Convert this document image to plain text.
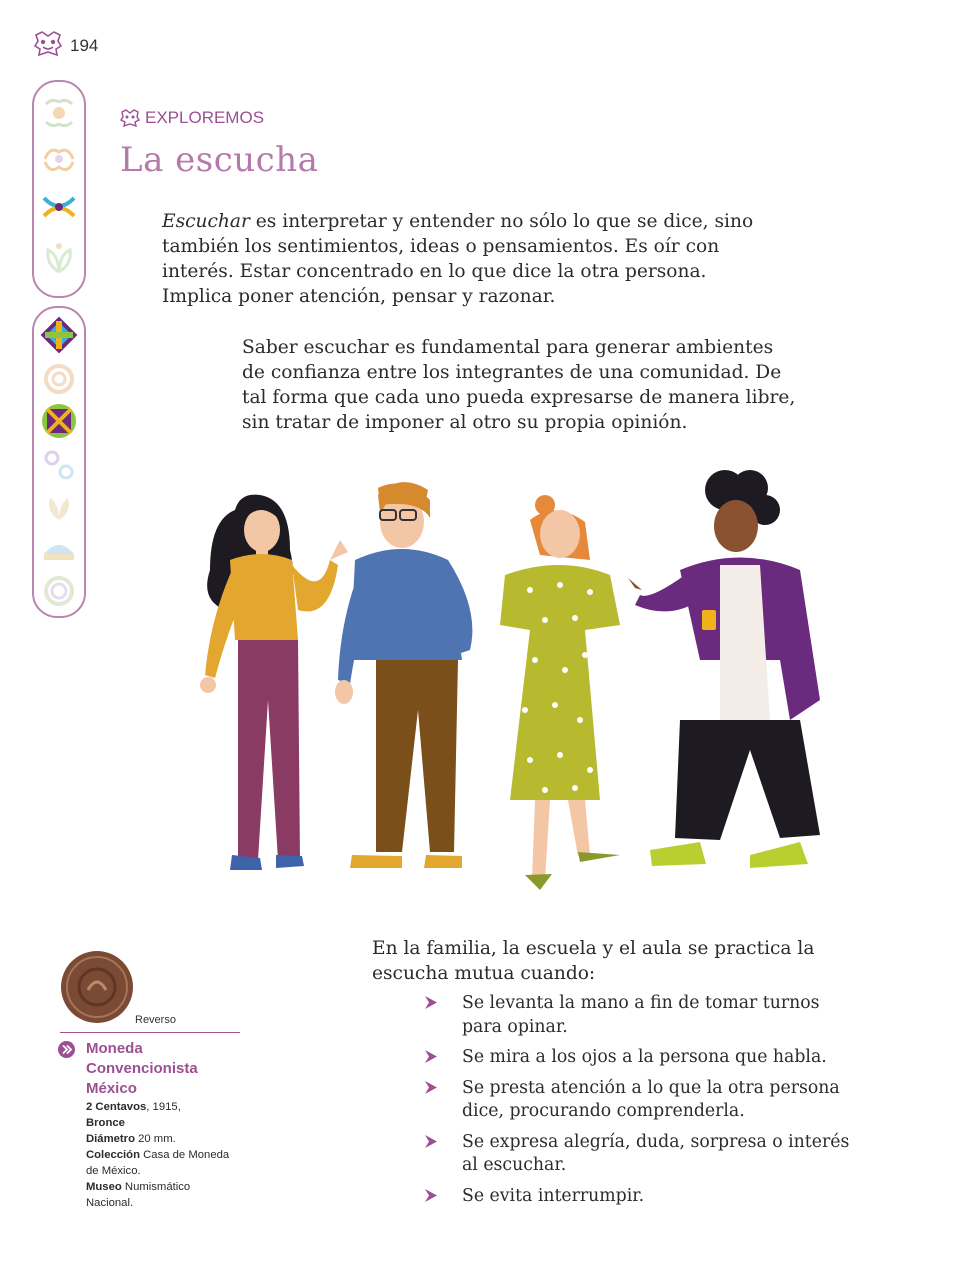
194
EXPLOREMOS
La escucha

Escuchar es interpretar y entender no sólo lo que se dice, sino
también los sentimientos, ideas o pensamientos. Es oír con
interés. Estar concentrado en lo que dice la otra persona.
Implica poner atención, pensar y razonar.

Saber escuchar es fundamental para generar ambientes
de confianza entre los integrantes de una comunidad. De
tal forma que cada uno pueda expresarse de manera libre,
sin tratar de imponer al otro su propia opinión.

Reverso
Moneda
Convencionista
México
2 Centavos, 1915,
Bronce
Diámetro 20 mm.
Colección Casa de Moneda
de México.
Museo Numismático
Nacional.

En la familia, la escuela y el aula se practica la
escucha mutua cuando:

Se levanta la mano a fin de tomar turnos
para opinar.
Se mira a los ojos a la persona que habla.
Se presta atención a lo que la otra persona
dice, procurando comprenderla.
Se expresa alegría, duda, sorpresa o interés
al escuchar.
Se evita interrumpir.
